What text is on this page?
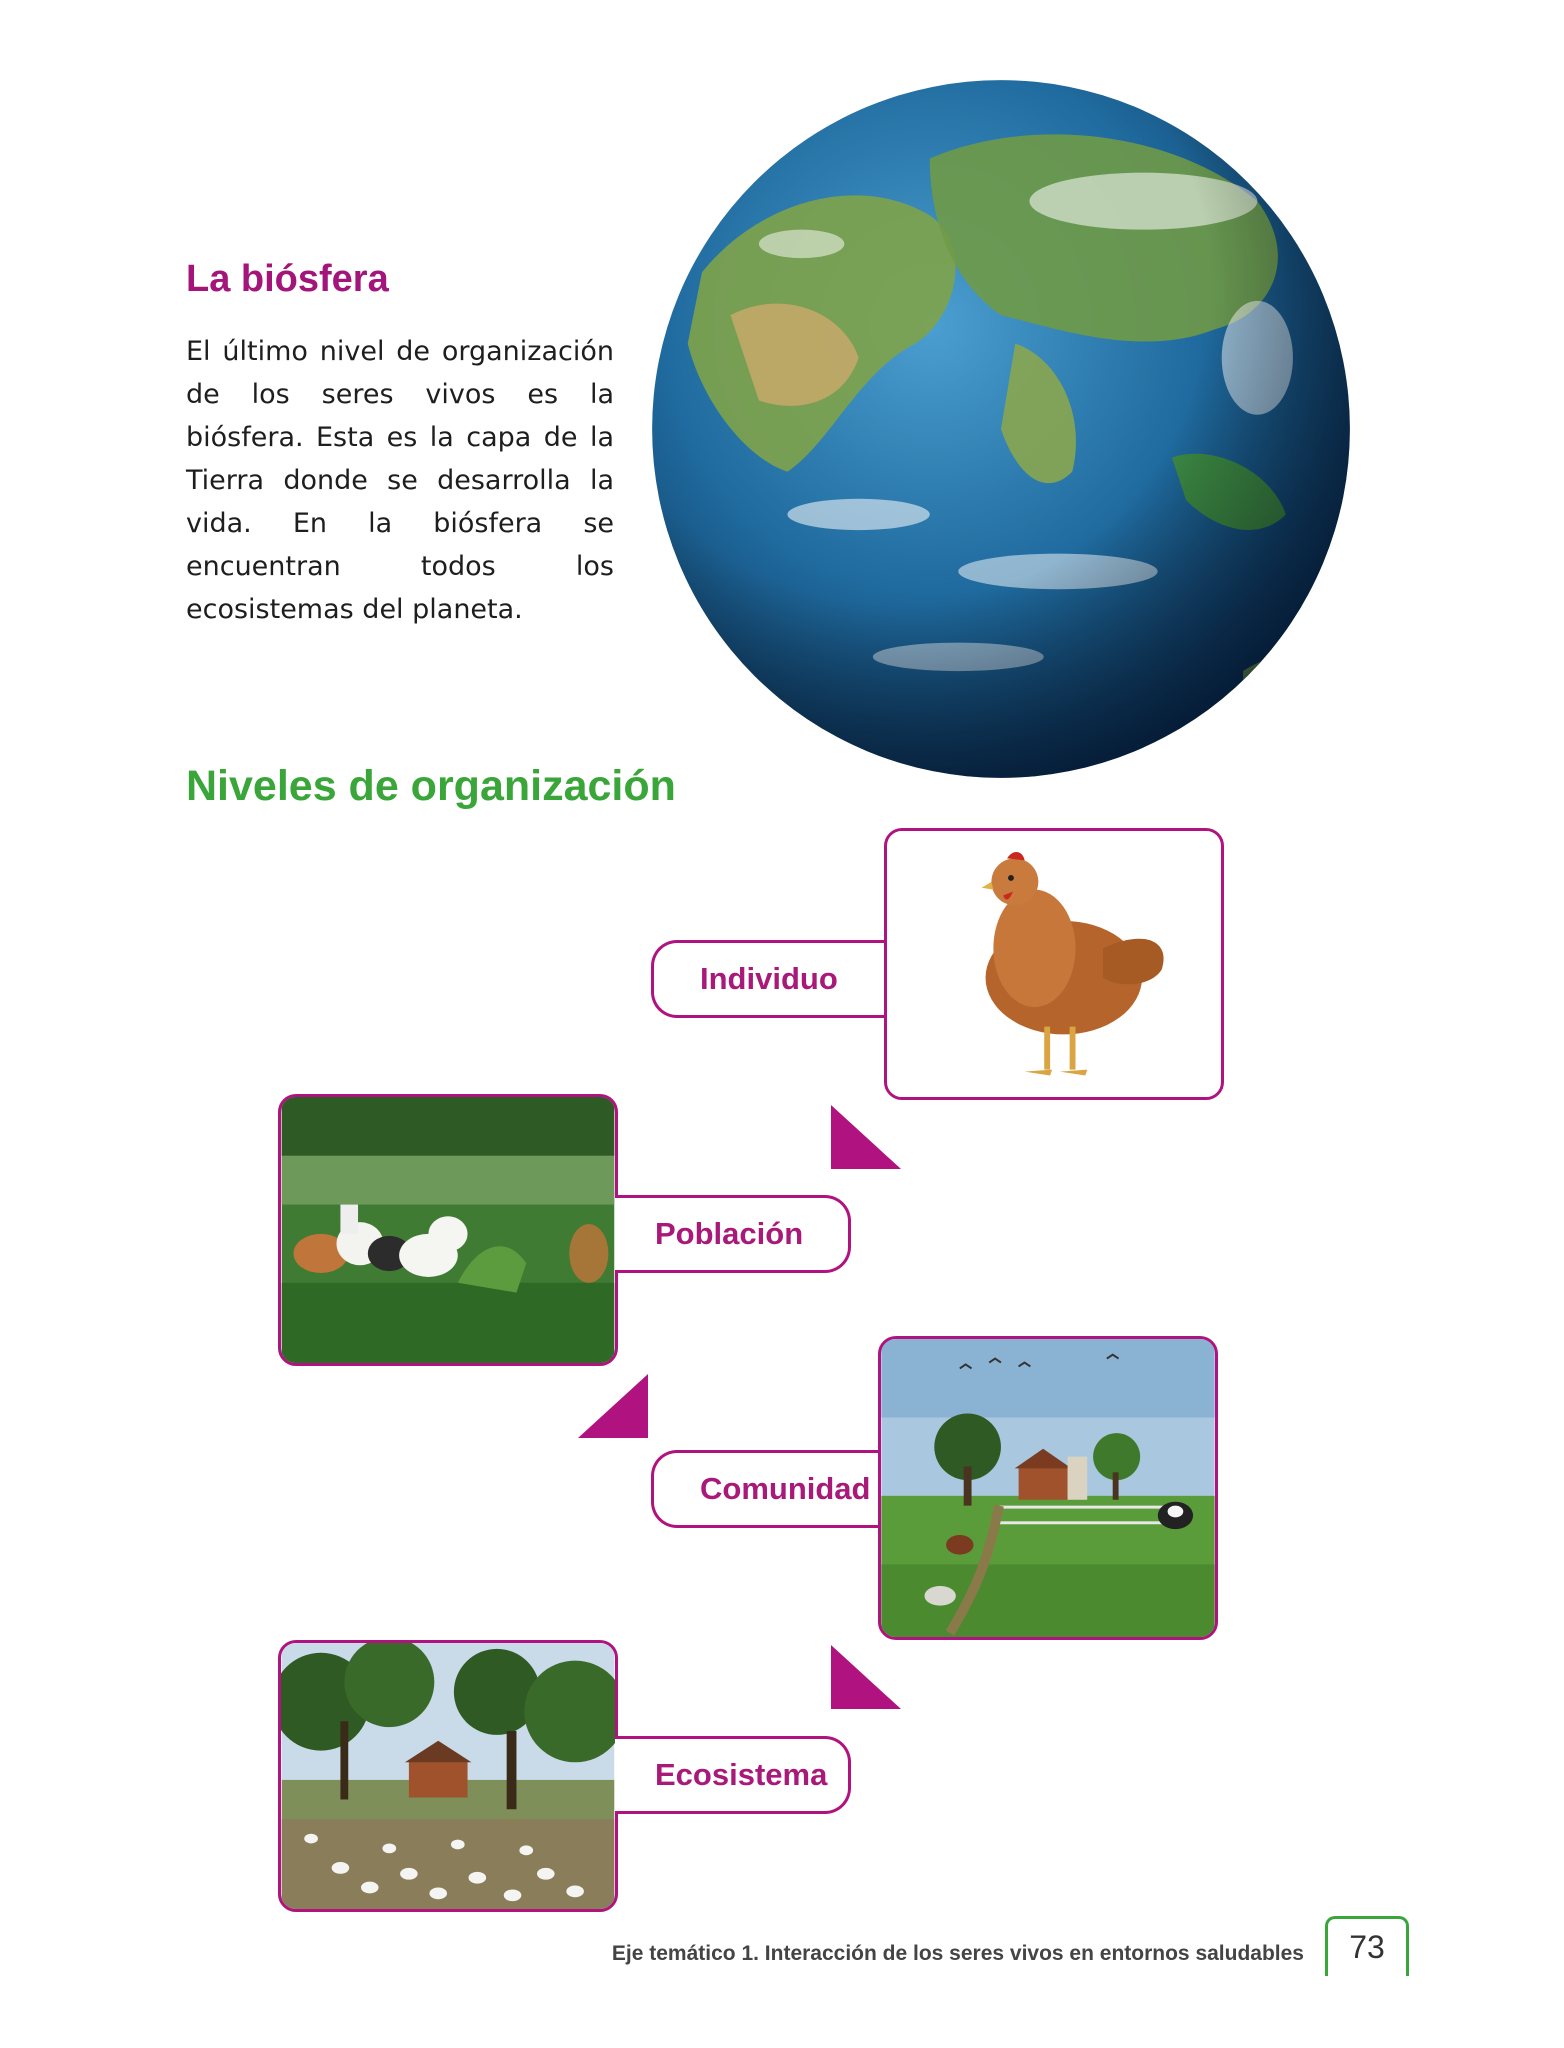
La biósfera

El último nivel de organización de los seres vivos es la biósfera. Esta es la capa de la Tierra donde se desarrolla la vida. En la biósfera se encuentran todos los ecosistemas del planeta.

Niveles de organización
Individuo
Población
Comunidad
Ecosistema
Eje temático 1. Interacción de los seres vivos en entornos saludables 73
